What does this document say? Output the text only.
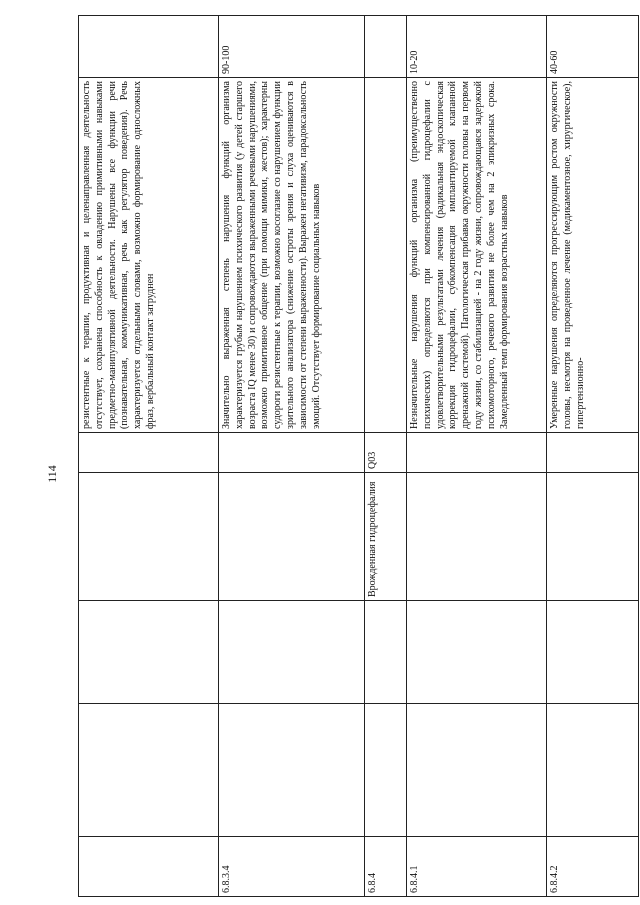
114
					резистентные к терапии, продуктивная и целенаправленная деятельность отсутствует, сохранена способность к овладению примитивными навыками предметно-манипулятивной деятельности. Нарушены все функции речи (познавательная, коммуникативная, речь как регулятор поведения). Речь характеризуется отдельными словами, возможно формирование односложных фраз, вербальный контакт затруднен	
6.8.3.4					Значительно выраженная степень нарушения функций организма характеризуется грубым нарушением психического развития (у детей старшего возраста IQ менее 30) и сопровождаются выраженными речевыми нарушениями, возможно примитивное общение (при помощи мимики, жестов); характерны судороги резистентные к терапии, возможно косоглазие со нарушением функции зрительного анализатора (снижение остроты зрения и слуха оцениваются в зависимости от степени выраженности). Выражен негативизм, парадоксальность эмоций. Отсутствует формирование социальных навыков	90-100
6.8.4			Врожденная гидроцефалия	Q03		
6.8.4.1					Незначительные нарушения функций организма (преимущественно психических) определяются при компенсированной гидроцефалии с удовлетворительными результатами лечения (радикальная эндоскопическая коррекция гидроцефалии, субкомпенсация имплантируемой клапанной дренажной системой). Патологическая прибавка окружности головы на первом году жизни, со стабилизацией - на 2 году жизни, сопровождающаяся задержкой психомоторного, речевого развития не более чем на 2 эпикризных срока. Замедленный темп формирования возрастных навыков	10-20
6.8.4.2					Умеренные нарушения определяются прогрессирующим ростом окружности головы, несмотря на проведенное лечение (медикаментозное, хирургическое), гипертензионно-	40-60
